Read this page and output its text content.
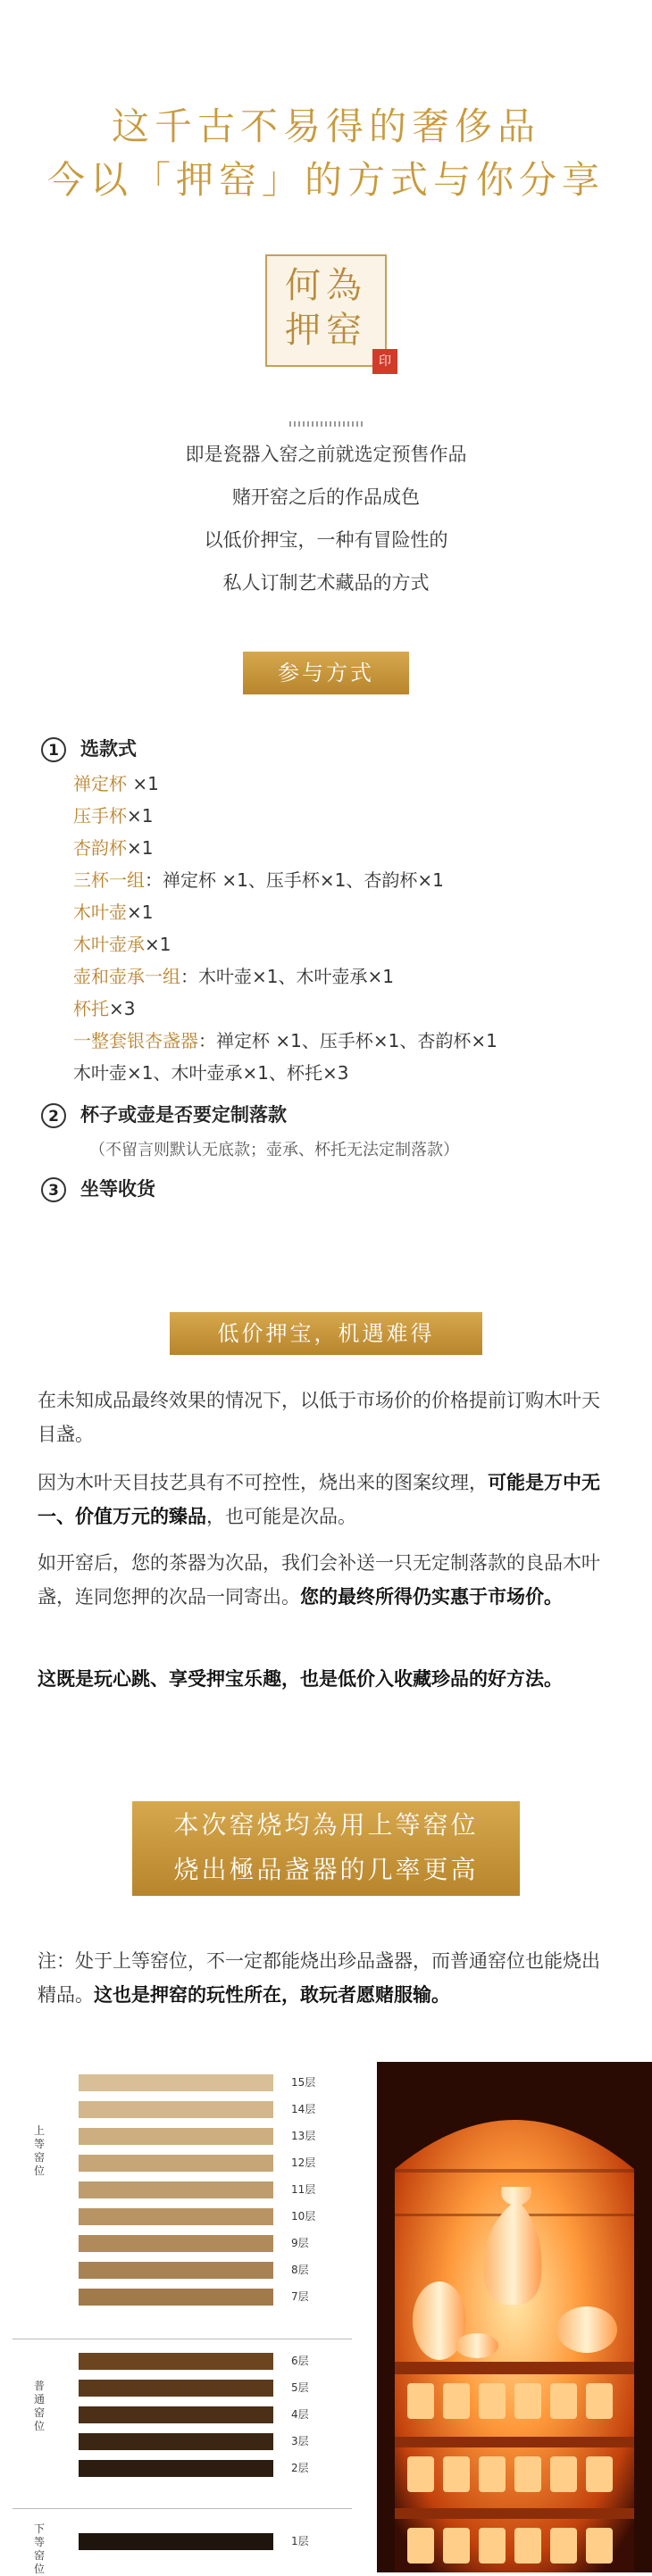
这千古不易得的奢侈品
今以「押窑」的方式与你分享
何為
押窑
印
即是瓷器入窑之前就选定预售作品
赌开窑之后的作品成色
以低价押宝，一种有冒险性的
私人订制艺术藏品的方式
参与方式
1 选款式
禅定杯 ×1
压手杯×1
杏韵杯×1
三杯一组：禅定杯 ×1、压手杯×1、杏韵杯×1
木叶壶×1
木叶壶承×1
壶和壶承一组：木叶壶×1、木叶壶承×1
杯托×3
一整套银杏盏器：禅定杯 ×1、压手杯×1、杏韵杯×1
木叶壶×1、木叶壶承×1、杯托×3
2 杯子或壶是否要定制落款
（不留言则默认无底款；壶承、杯托无法定制落款）
3 坐等收货
低价押宝，机遇难得
在未知成品最终效果的情况下，以低于市场价的价格提前订购木叶天目盏。
因为木叶天目技艺具有不可控性，烧出来的图案纹理，可能是万中无一、价值万元的臻品，也可能是次品。
如开窑后，您的茶器为次品，我们会补送一只无定制落款的良品木叶盏，连同您押的次品一同寄出。您的最终所得仍实惠于市场价。
这既是玩心跳、享受押宝乐趣，也是低价入收藏珍品的好方法。
本次窑烧均為用上等窑位
烧出極品盏器的几率更高
注：处于上等窑位，不一定都能烧出珍品盏器，而普通窑位也能烧出精品。这也是押窑的玩性所在，敢玩者愿赌服输。
上等窑位
普通窑位
下等窑位
15层
14层
13层
12层
11层
10层
9层
8层
7层
6层
5层
4层
3层
2层
1层
